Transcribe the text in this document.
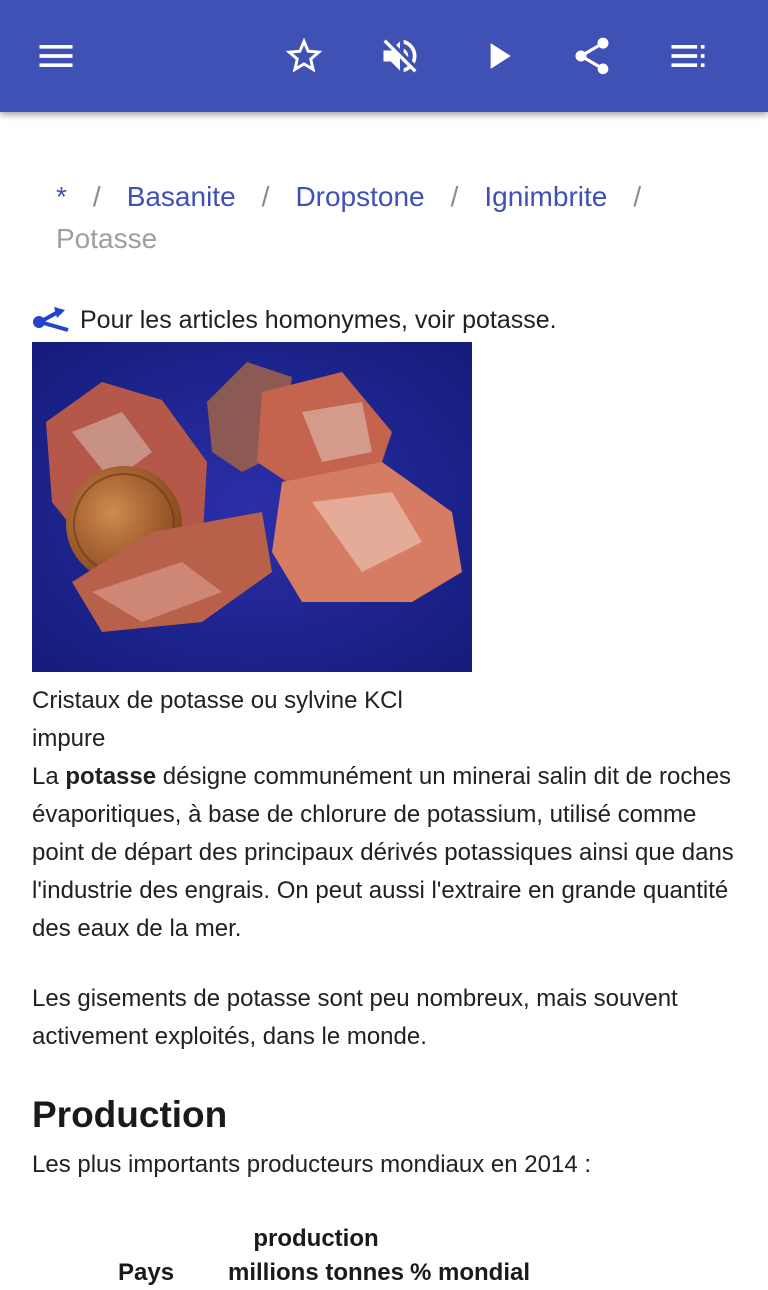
* / Basanite / Dropstone / Ignimbrite /
Potasse
Pour les articles homonymes, voir potasse.
Cristaux de potasse ou sylvine KCl impure
La potasse désigne communément un minerai salin dit de roches évaporitiques, à base de chlorure de potassium, utilisé comme point de départ des principaux dérivés potassiques ainsi que dans l'industrie des engrais. On peut aussi l'extraire en grande quantité des eaux de la mer.
Les gisements de potasse sont peu nombreux, mais souvent activement exploités, dans le monde.
Production
Les plus importants producteurs mondiaux en 2014 :
Pays
production
millions tonnes % mondial
